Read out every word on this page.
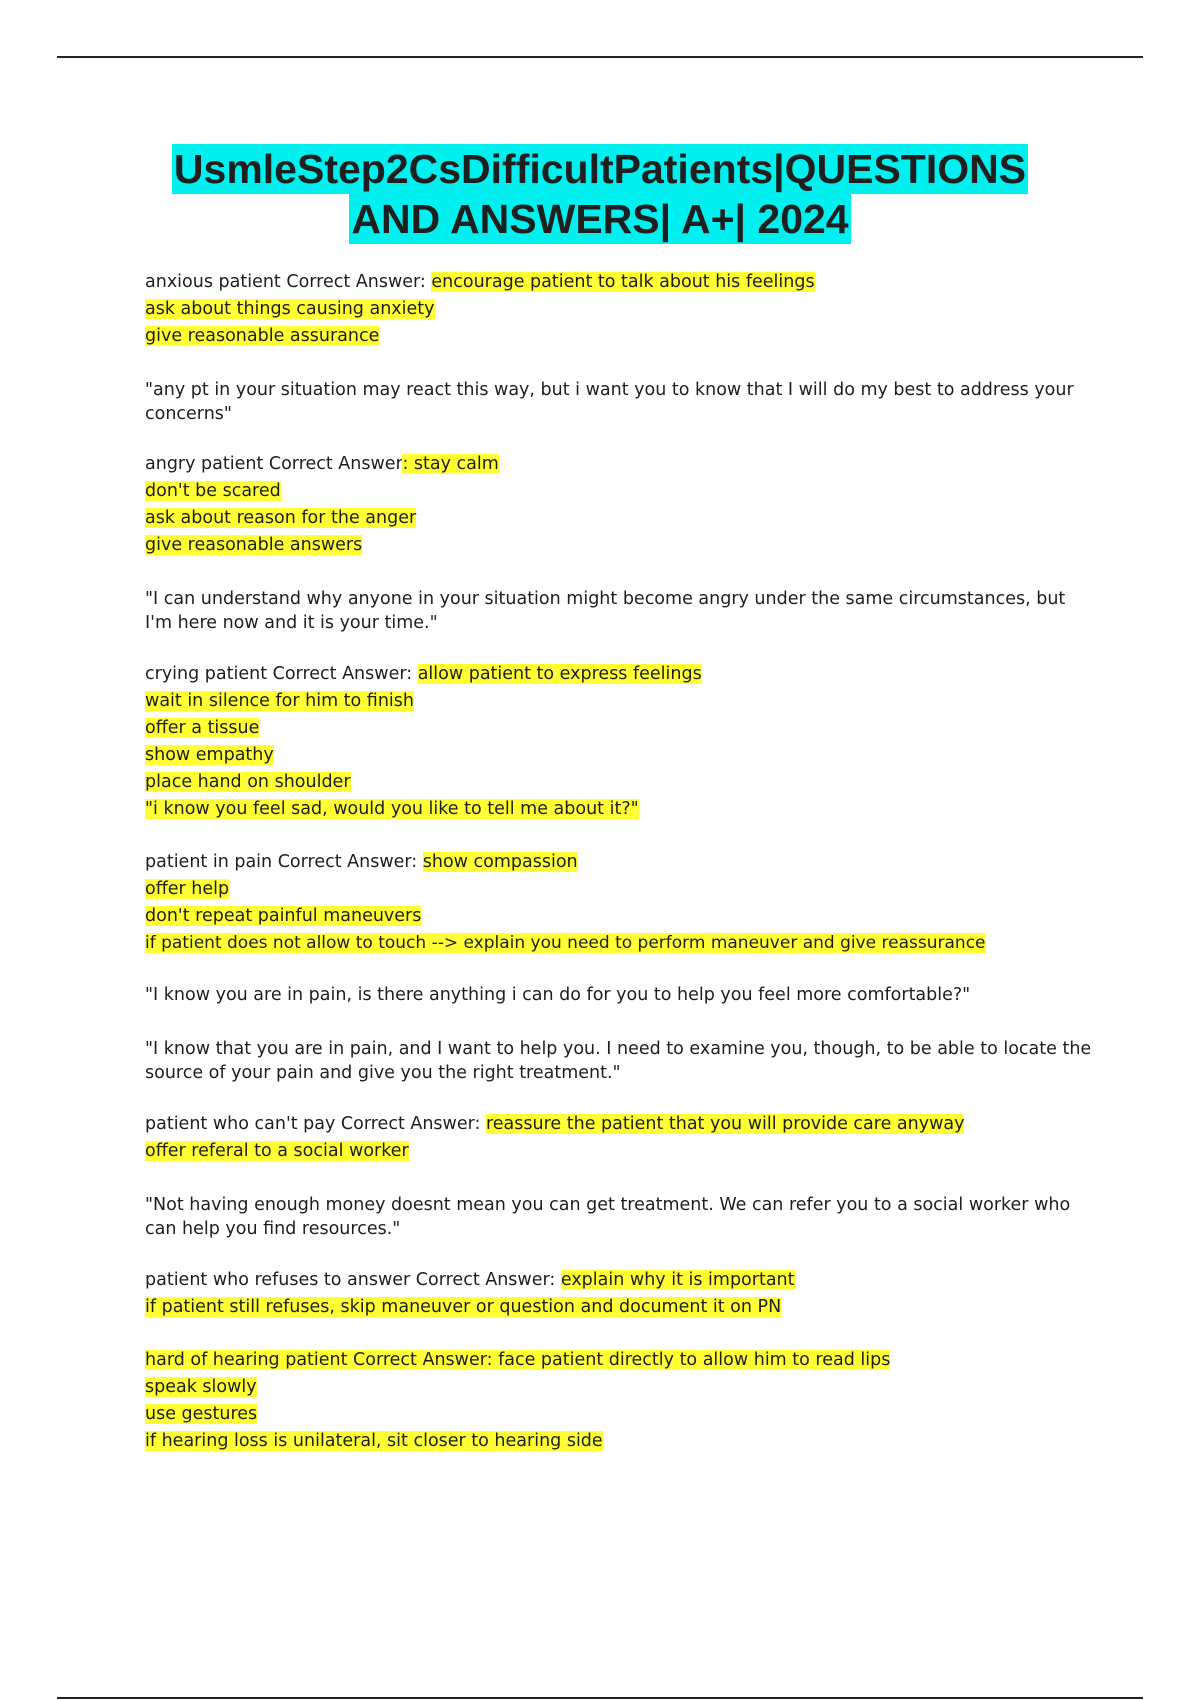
UsmleStep2CsDifficultPatients|QUESTIONS
AND ANSWERS| A+| 2024
anxious patient Correct Answer: encourage patient to talk about his feelings
ask about things causing anxiety
give reasonable assurance
"any pt in your situation may react this way, but i want you to know that I will do my best to address your concerns"
angry patient Correct Answer: stay calm
don't be scared
ask about reason for the anger
give reasonable answers
"I can understand why anyone in your situation might become angry under the same circumstances, but I'm here now and it is your time."
crying patient Correct Answer: allow patient to express feelings
wait in silence for him to finish
offer a tissue
show empathy
place hand on shoulder
"i know you feel sad, would you like to tell me about it?"
patient in pain Correct Answer: show compassion
offer help
don't repeat painful maneuvers
if patient does not allow to touch --> explain you need to perform maneuver and give reassurance
"I know you are in pain, is there anything i can do for you to help you feel more comfortable?"
"I know that you are in pain, and I want to help you. I need to examine you, though, to be able to locate the source of your pain and give you the right treatment."
patient who can't pay Correct Answer: reassure the patient that you will provide care anyway
offer referal to a social worker
"Not having enough money doesnt mean you can get treatment. We can refer you to a social worker who can help you find resources."
patient who refuses to answer Correct Answer: explain why it is important
if patient still refuses, skip maneuver or question and document it on PN
hard of hearing patient Correct Answer: face patient directly to allow him to read lips
speak slowly
use gestures
if hearing loss is unilateral, sit closer to hearing side
